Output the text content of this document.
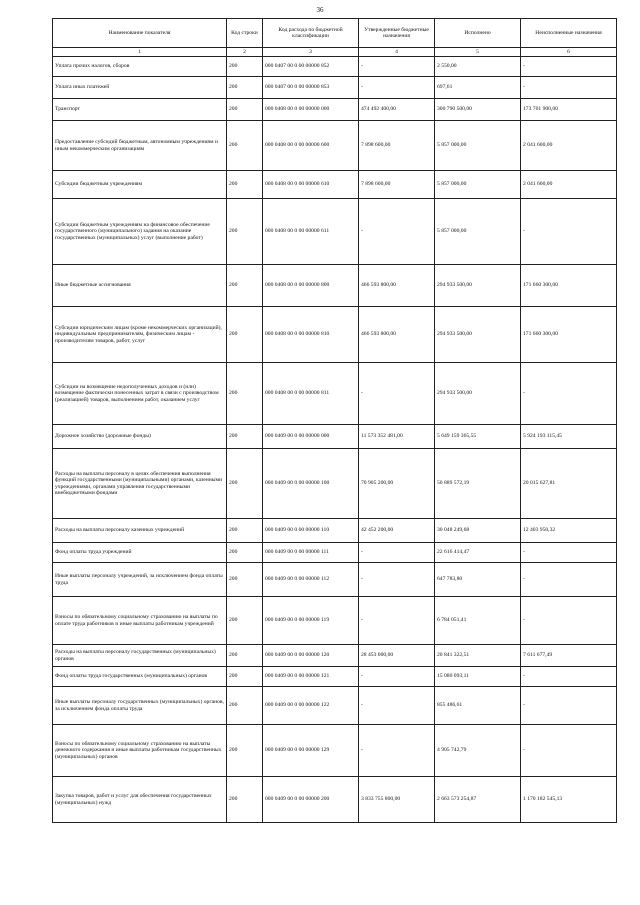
36
Наименование показателя	Код строки	Код расхода по бюджетной классификации	Утвержденные бюджетные назначения	Исполнено	Неисполненные назначения
1	2	3	4	5	6
Уплата прочих налогов, сборов	200	000 0407 00 0 00 00000 852	-	2 550,00	-
Уплата иных платежей	200	000 0407 00 0 00 00000 853	-	697,61	-
Транспорт	200	000 0408 00 0 00 00000 000	474 492 400,00	300 790 500,00	173 701 900,00
Предоставление субсидий бюджетным, автономным учреждениям и иным некоммерческим организациям	200	000 0408 00 0 00 00000 600	7 898 600,00	5 857 000,00	2 041 600,00
Субсидии бюджетным учреждениям	200	000 0408 00 0 00 00000 610	7 898 600,00	5 857 000,00	2 041 600,00
Субсидии бюджетным учреждениям на финансовое обеспечение государственного (муниципального) задания на оказание государственных (муниципальных) услуг (выполнение работ)	200	000 0408 00 0 00 00000 611	-	5 857 000,00	-
Иные бюджетные ассигнования	200	000 0408 00 0 00 00000 800	466 593 800,00	294 933 500,00	171 660 300,00
Субсидии юридическим лицам (кроме некоммерческих организаций), индивидуальным предпринимателям, физическим лицам - производителям товаров, работ, услуг	200	000 0408 00 0 00 00000 810	466 593 800,00	294 933 500,00	171 660 300,00
Субсидии на возмещение недополученных доходов и (или) возмещение фактически понесенных затрат в связи с производством (реализацией) товаров, выполнением работ, оказанием услуг	200	000 0408 00 0 00 00000 811	-	294 933 500,00	-
Дорожное хозяйство (дорожные фонды)	200	000 0409 00 0 00 00000 000	11 573 352 481,00	5 649 159 365,55	5 924 193 115,45
Расходы на выплаты персоналу в целях обеспечения выполнения функций государственными (муниципальными) органами, казенными учреждениями, органами управления государственными внебюджетными фондами	200	000 0409 00 0 00 00000 100	70 905 200,00	50 889 572,19	20 015 627,81
Расходы на выплаты персоналу казенных учреждений	200	000 0409 00 0 00 00000 110	42 452 200,00	30 048 249,68	12 403 950,32
Фонд оплаты труда учреждений	200	000 0409 00 0 00 00000 111	-	22 616 414,47	-
Иные выплаты персоналу учреждений, за исключением фонда оплаты труда	200	000 0409 00 0 00 00000 112	-	647 783,80	-
Взносы по обязательному социальному страхованию на выплаты по оплате труда работников и иные выплаты работникам учреждений	200	000 0409 00 0 00 00000 119	-	6 784 051,41	-
Расходы на выплаты персоналу государственных (муниципальных) органов	200	000 0409 00 0 00 00000 120	28 453 000,00	20 841 322,51	7 611 677,49
Фонд оплаты труда государственных (муниципальных) органов	200	000 0409 00 0 00 00000 121	-	15 080 093,11	-
Иные выплаты персоналу государственных (муниципальных) органов, за исключением фонда оплаты труда	200	000 0409 00 0 00 00000 122	-	855 486,61	-
Взносы по обязательному социальному страхованию на выплаты денежного содержания и иные выплаты работникам государственных (муниципальных) органов	200	000 0409 00 0 00 00000 129	-	4 905 742,79	-
Закупка товаров, работ и услуг для обеспечения государственных (муниципальных) нужд	200	000 0409 00 0 00 00000 200	3 833 755 800,00	2 663 573 254,87	1 170 182 545,13
